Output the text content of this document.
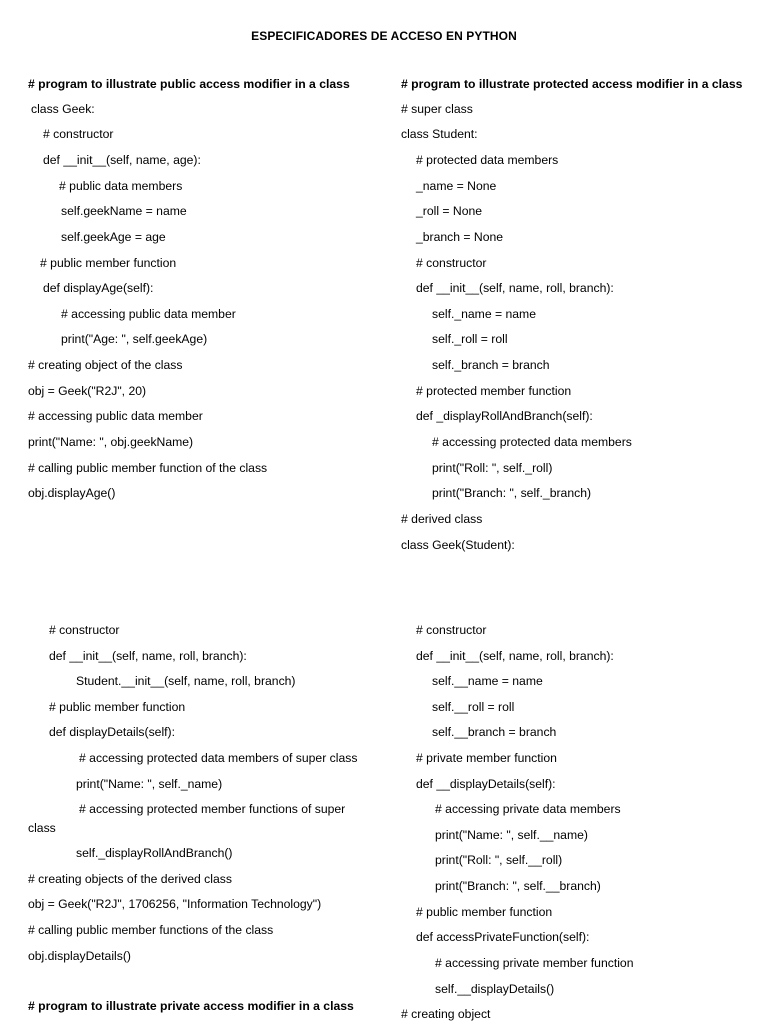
ESPECIFICADORES DE ACCESO EN PYTHON
# program to illustrate public access modifier in a class
class Geek:
# constructor
def __init__(self, name, age):
# public data members
self.geekName = name
self.geekAge = age
# public member function
def displayAge(self):
# accessing public data member
print("Age: ", self.geekAge)
# creating object of the class
obj = Geek("R2J", 20)
# accessing public data member
print("Name: ", obj.geekName)
# calling public member function of the class
obj.displayAge()
# program to illustrate protected access modifier in a class
# super class
class Student:
# protected data members
_name = None
_roll = None
_branch = None
# constructor
def __init__(self, name, roll, branch):
self._name = name
self._roll = roll
self._branch = branch
# protected member function
def _displayRollAndBranch(self):
# accessing protected data members
print("Roll: ", self._roll)
print("Branch: ", self._branch)
# derived class
class Geek(Student):
# constructor
def __init__(self, name, roll, branch):
Student.__init__(self, name, roll, branch)
# public member function
def displayDetails(self):
# accessing protected data members of super class
print("Name: ", self._name)
# accessing protected member functions of super
class
self._displayRollAndBranch()
# creating objects of the derived class
obj = Geek("R2J", 1706256, "Information Technology")
# calling public member functions of the class
obj.displayDetails()
# program to illustrate private access modifier in a class
# constructor
def __init__(self, name, roll, branch):
self.__name = name
self.__roll = roll
self.__branch = branch
# private member function
def __displayDetails(self):
# accessing private data members
print("Name: ", self.__name)
print("Roll: ", self.__roll)
print("Branch: ", self.__branch)
# public member function
def accessPrivateFunction(self):
# accessing private member function
self.__displayDetails()
# creating object
